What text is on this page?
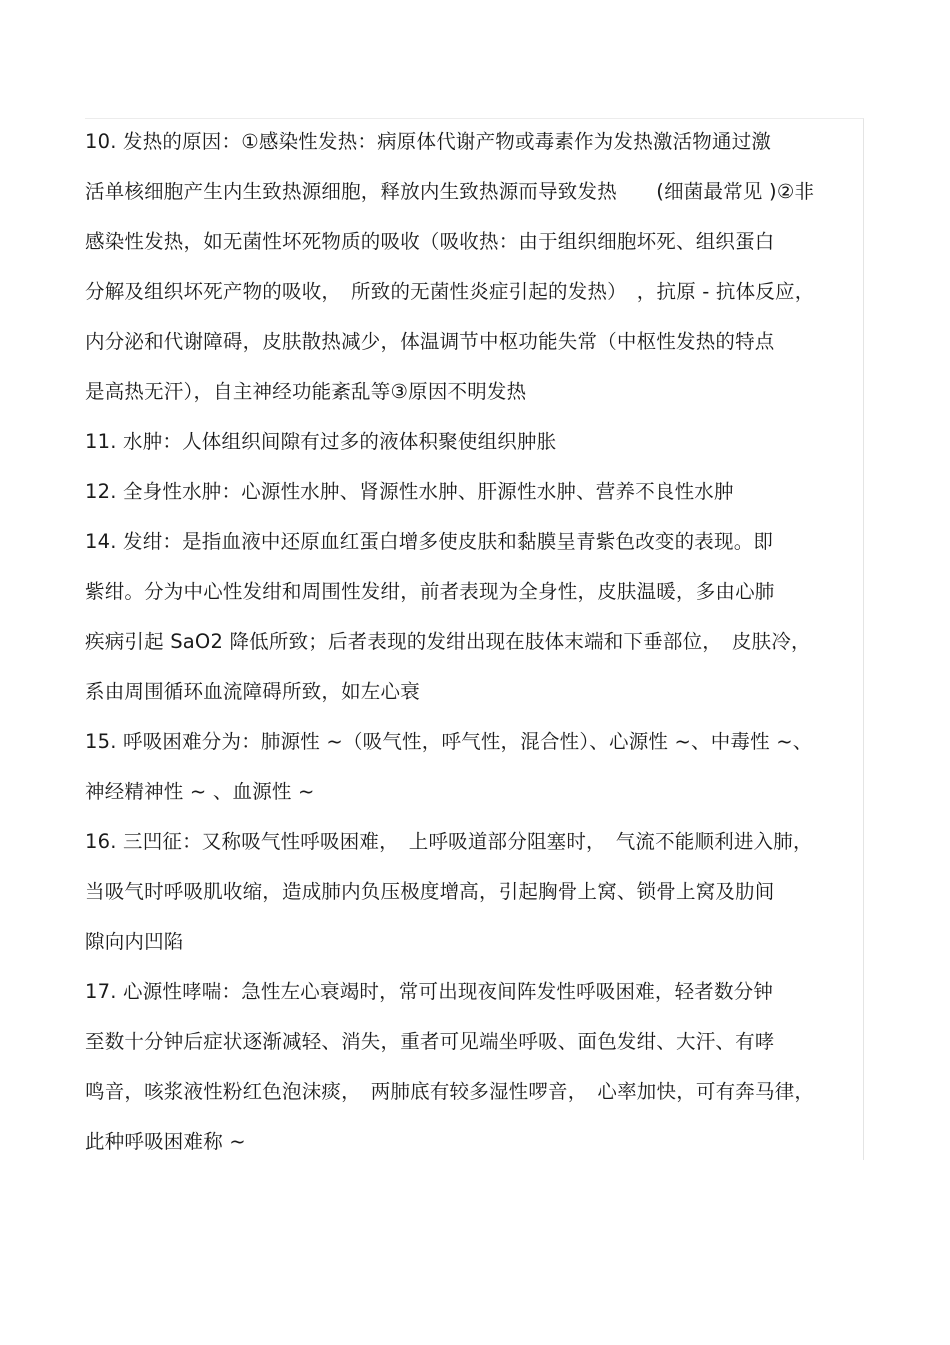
10. 发热的原因：①感染性发热：病原体代谢产物或毒素作为发热激活物通过激
活单核细胞产生内生致热源细胞，释放内生致热源而导致发热　　(细菌最常见 )②非
感染性发热，如无菌性坏死物质的吸收（吸收热：由于组织细胞坏死、组织蛋白
分解及组织坏死产物的吸收，　所致的无菌性炎症引起的发热）　，抗原 - 抗体反应，
内分泌和代谢障碍，皮肤散热减少，体温调节中枢功能失常（中枢性发热的特点
是高热无汗），自主神经功能紊乱等③原因不明发热
11. 水肿：人体组织间隙有过多的液体积聚使组织肿胀
12. 全身性水肿：心源性水肿、肾源性水肿、肝源性水肿、营养不良性水肿
14. 发绀：是指血液中还原血红蛋白增多使皮肤和黏膜呈青紫色改变的表现。即
紫绀。分为中心性发绀和周围性发绀，前者表现为全身性，皮肤温暖，多由心肺
疾病引起 SaO2 降低所致；后者表现的发绀出现在肢体末端和下垂部位，　皮肤冷，
系由周围循环血流障碍所致，如左心衰
15. 呼吸困难分为：肺源性 ~（吸气性，呼气性，混合性）、心源性 ~、中毒性 ~、
神经精神性 ~ 、血源性 ~
16. 三凹征：又称吸气性呼吸困难，　上呼吸道部分阻塞时，　气流不能顺利进入肺，
当吸气时呼吸肌收缩，造成肺内负压极度增高，引起胸骨上窝、锁骨上窝及肋间
隙向内凹陷
17. 心源性哮喘：急性左心衰竭时，常可出现夜间阵发性呼吸困难，轻者数分钟
至数十分钟后症状逐渐减轻、消失，重者可见端坐呼吸、面色发绀、大汗、有哮
鸣音，咳浆液性粉红色泡沫痰，　两肺底有较多湿性啰音，　心率加快，可有奔马律，
此种呼吸困难称 ~
